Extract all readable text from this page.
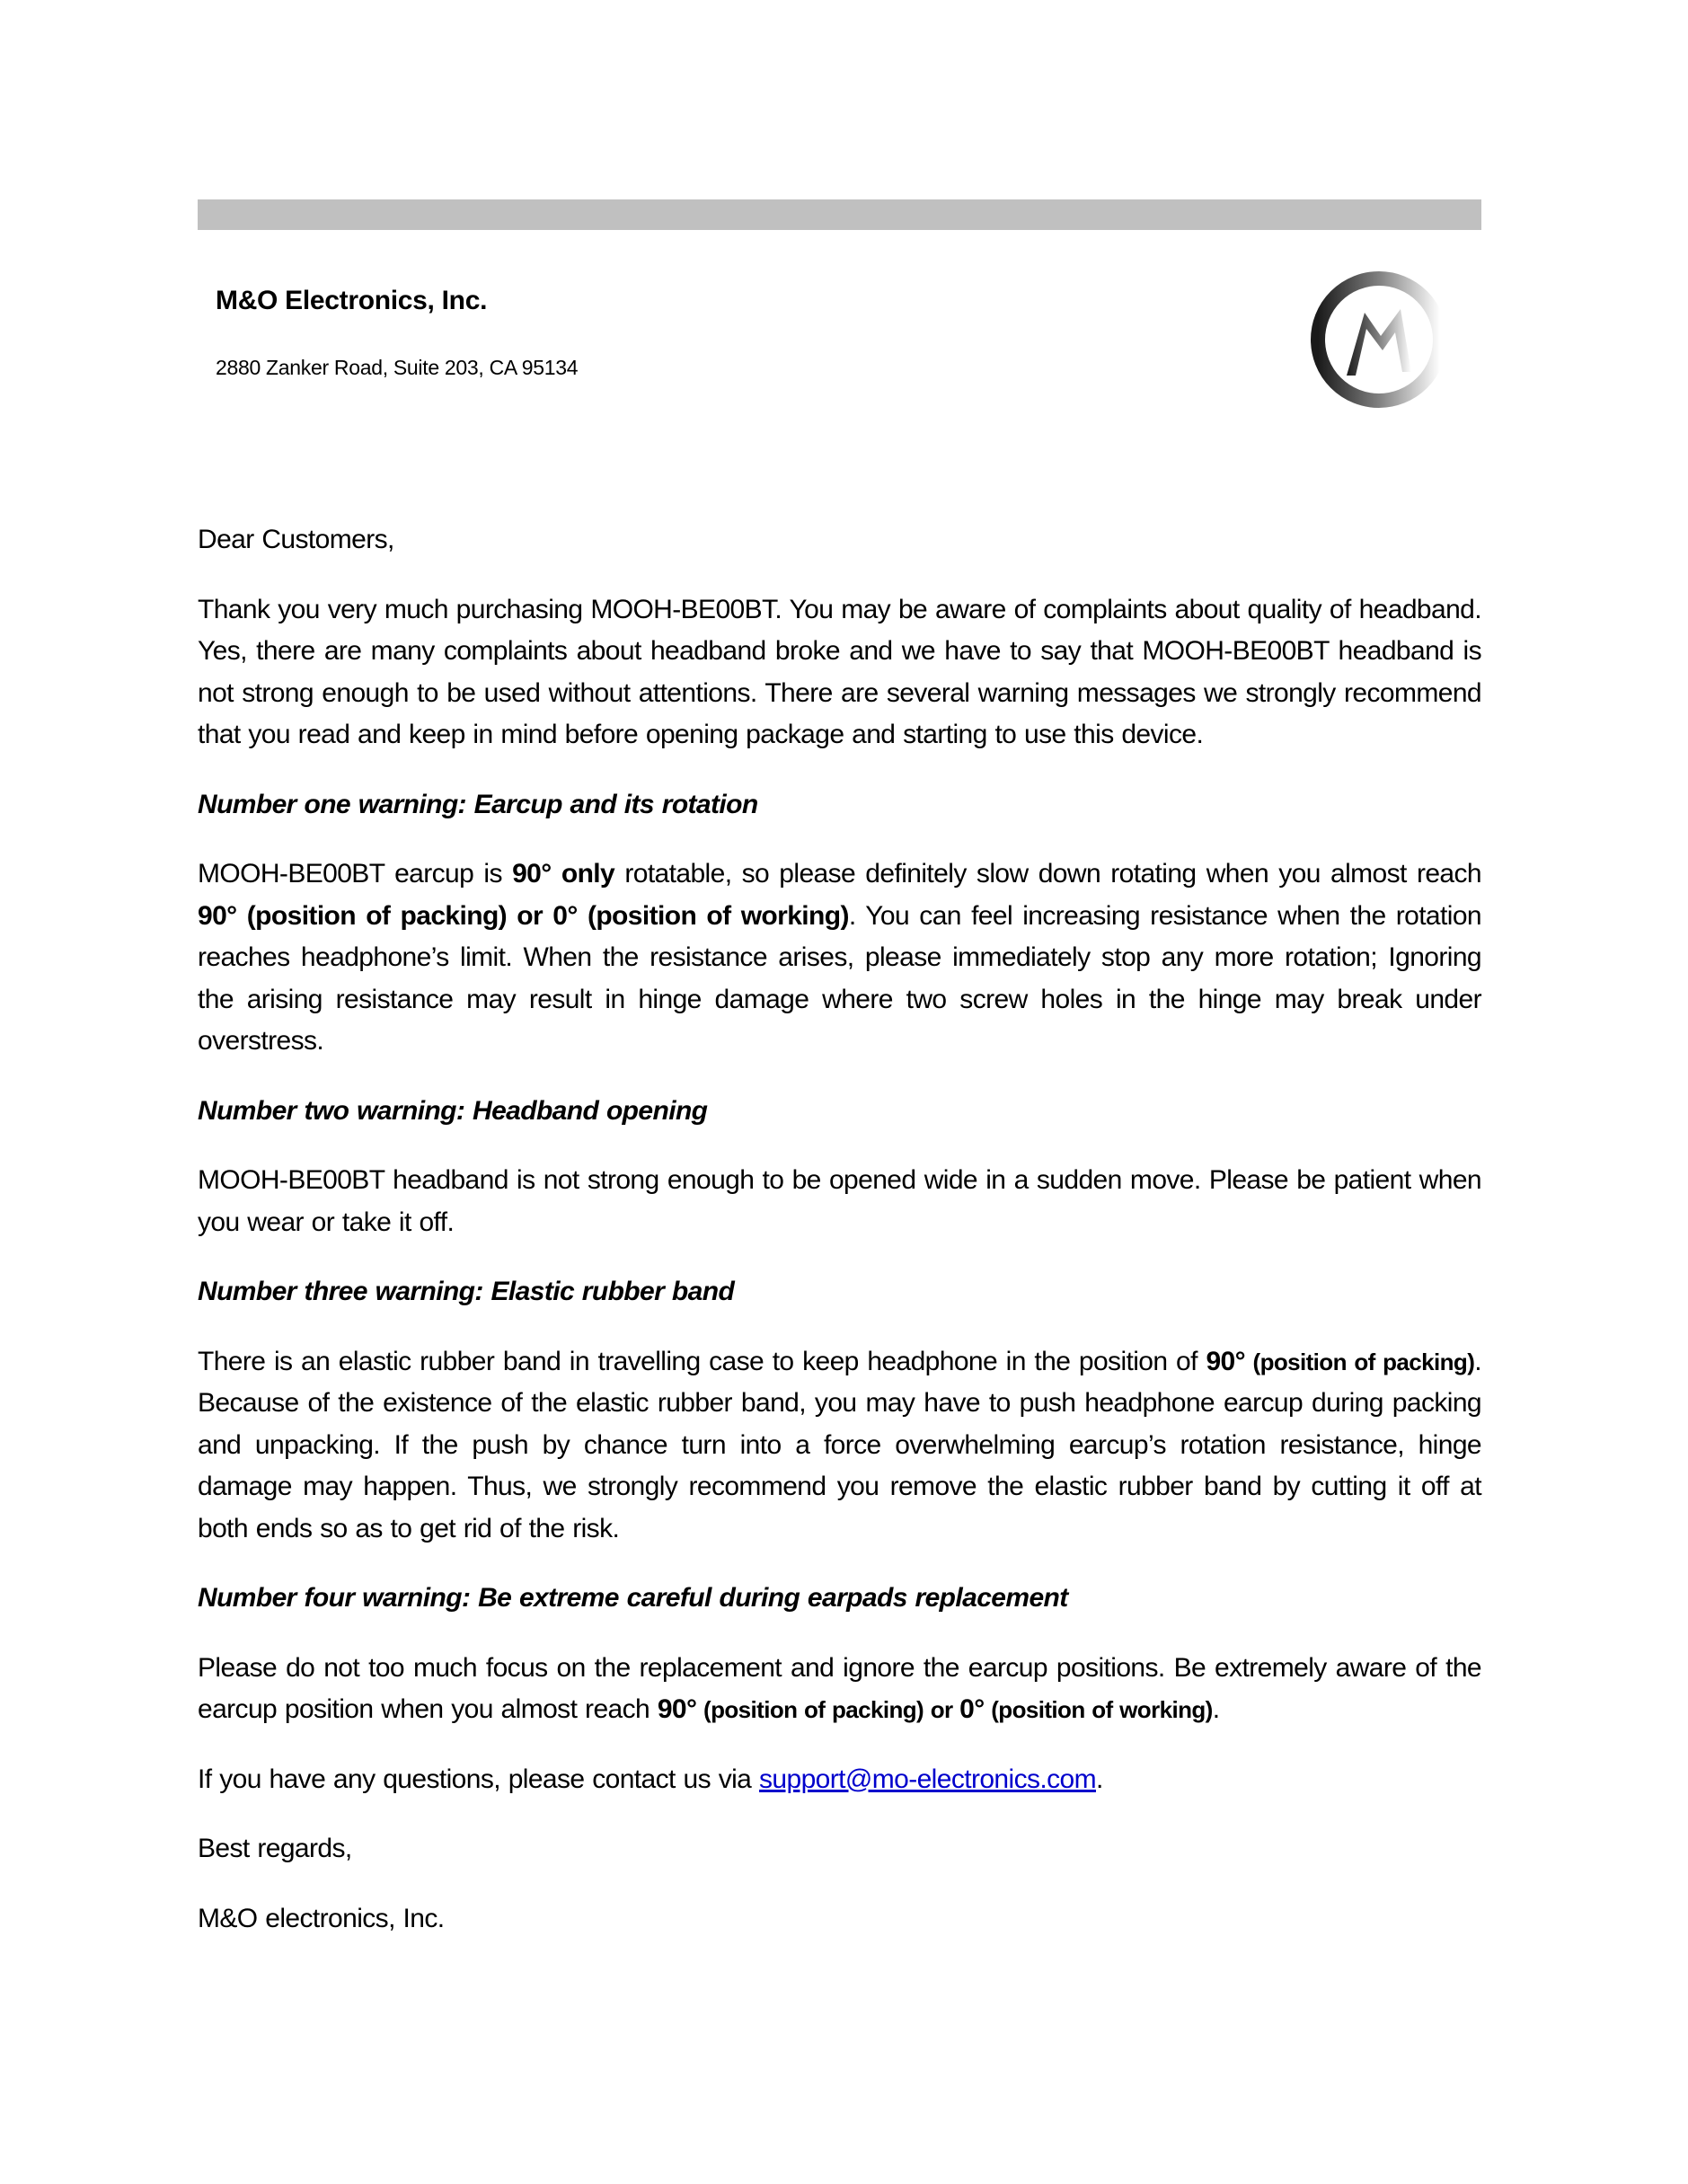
M&O Electronics, Inc.
2880 Zanker Road, Suite 203, CA 95134

Dear Customers,

Thank you very much purchasing MOOH-BE00BT. You may be aware of complaints about quality of headband. Yes, there are many complaints about headband broke and we have to say that MOOH-BE00BT headband is not strong enough to be used without attentions. There are several warning messages we strongly recommend that you read and keep in mind before opening package and starting to use this device.

Number one warning: Earcup and its rotation

MOOH-BE00BT earcup is 90° only rotatable, so please definitely slow down rotating when you almost reach 90° (position of packing) or 0° (position of working). You can feel increasing resistance when the rotation reaches headphone’s limit. When the resistance arises, please immediately stop any more rotation; Ignoring the arising resistance may result in hinge damage where two screw holes in the hinge may break under overstress.

Number two warning: Headband opening

MOOH-BE00BT headband is not strong enough to be opened wide in a sudden move. Please be patient when you wear or take it off.

Number three warning: Elastic rubber band

There is an elastic rubber band in travelling case to keep headphone in the position of 90° (position of packing). Because of the existence of the elastic rubber band, you may have to push headphone earcup during packing and unpacking. If the push by chance turn into a force overwhelming earcup’s rotation resistance, hinge damage may happen. Thus, we strongly recommend you remove the elastic rubber band by cutting it off at both ends so as to get rid of the risk.

Number four warning: Be extreme careful during earpads replacement

Please do not too much focus on the replacement and ignore the earcup positions. Be extremely aware of the earcup position when you almost reach 90° (position of packing) or 0° (position of working).

If you have any questions, please contact us via support@mo-electronics.com.

Best regards,

M&O electronics, Inc.
